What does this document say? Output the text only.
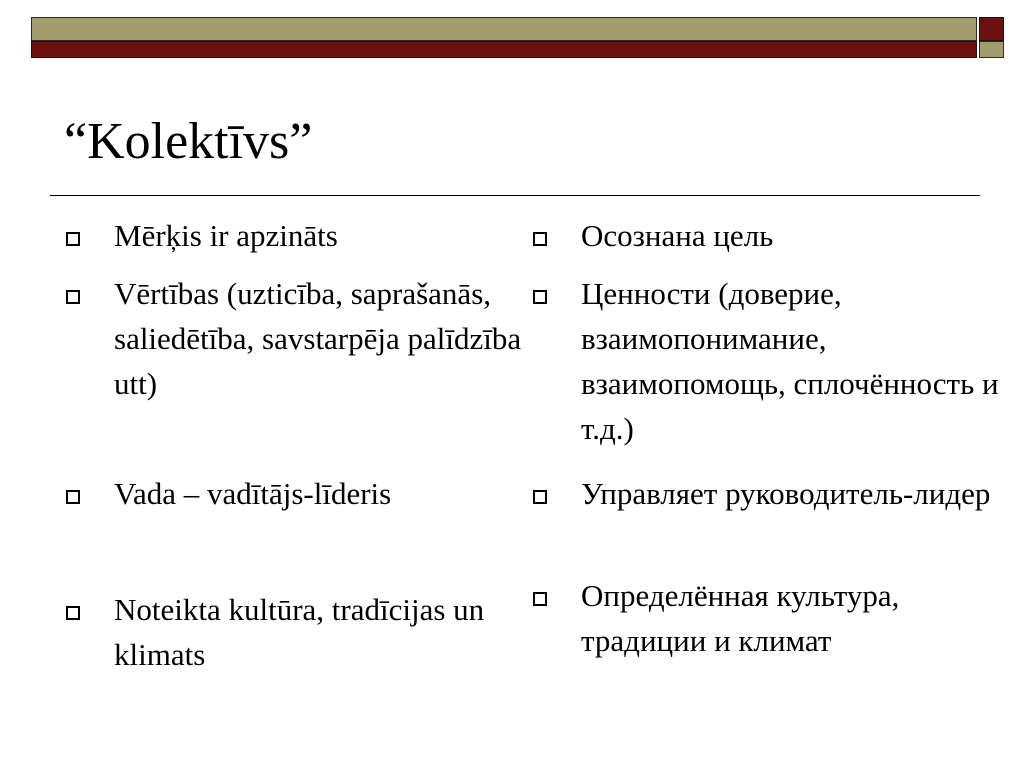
“Kolektīvs”
Mērķis ir apzināts
Vērtības (uzticība, saprašanās, saliedētība, savstarpēja palīdzība utt)
Vada – vadītājs-līderis
Noteikta kultūra, tradīcijas un klimats
Осознана цель
Ценности (доверие, взаимопонимание, взаимопомощь, сплочённость и т.д.)
Управляет руководитель-лидер
Определённая культура, традиции и климат
